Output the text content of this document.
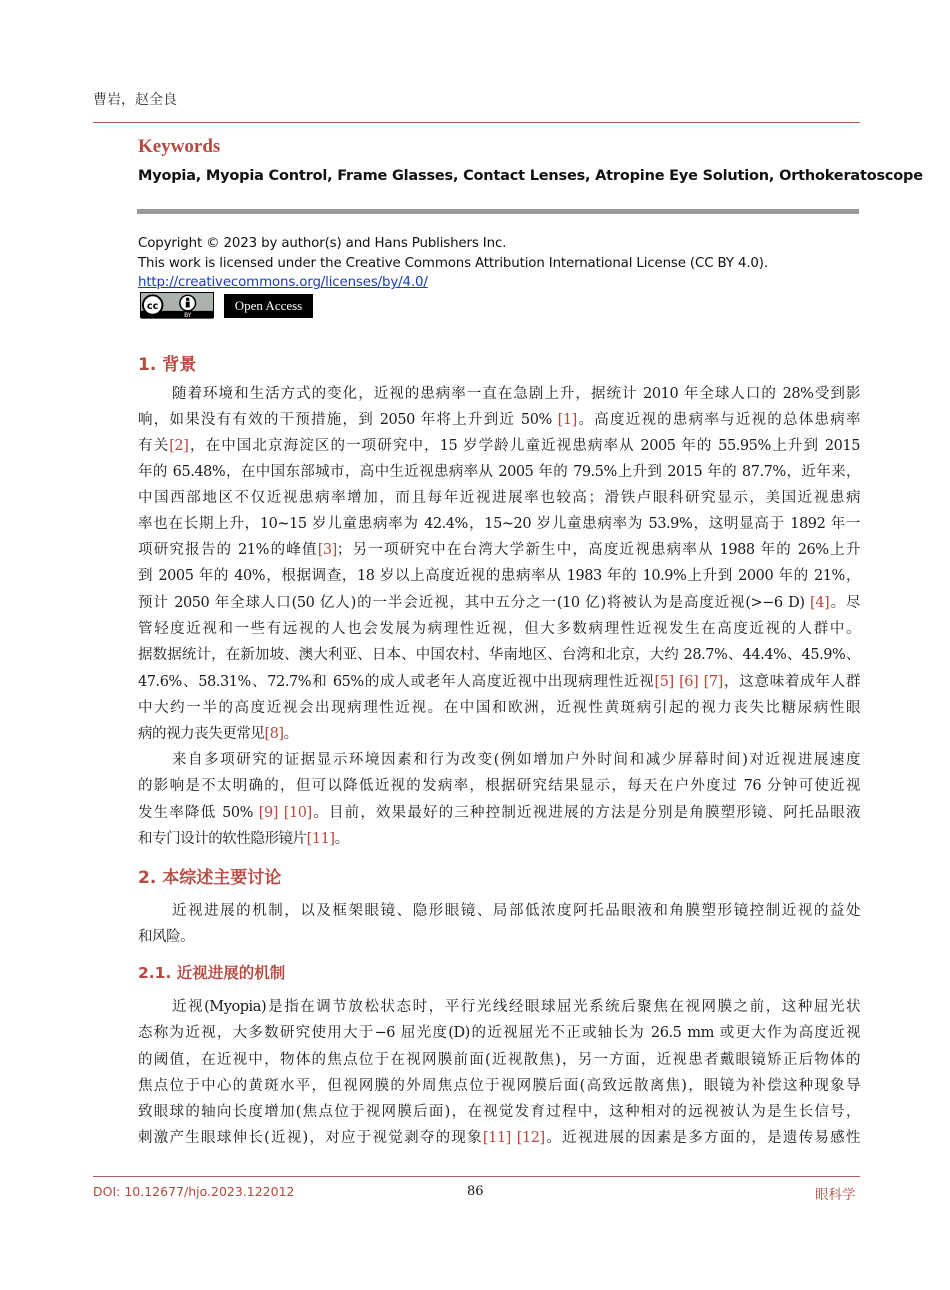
曹岩，赵全良
Keywords
Myopia, Myopia Control, Frame Glasses, Contact Lenses, Atropine Eye Solution, Orthokeratoscope
Copyright © 2023 by author(s) and Hans Publishers Inc.
This work is licensed under the Creative Commons Attribution International License (CC BY 4.0).
http://creativecommons.org/licenses/by/4.0/
cc
BY
Open Access
1. 背景
随着环境和生活方式的变化，近视的患病率一直在急剧上升，据统计 2010 年全球人口的 28%受到影
响，如果没有有效的干预措施，到 2050 年将上升到近 50% [1]。高度近视的患病率与近视的总体患病率
有关[2]，在中国北京海淀区的一项研究中，15 岁学龄儿童近视患病率从 2005 年的 55.95%上升到 2015
年的 65.48%，在中国东部城市，高中生近视患病率从 2005 年的 79.5%上升到 2015 年的 87.7%，近年来，
中国西部地区不仅近视患病率增加，而且每年近视进展率也较高；滑铁卢眼科研究显示，美国近视患病
率也在长期上升，10~15 岁儿童患病率为 42.4%，15~20 岁儿童患病率为 53.9%，这明显高于 1892 年一
项研究报告的 21%的峰值[3]；另一项研究中在台湾大学新生中，高度近视患病率从 1988 年的 26%上升
到 2005 年的 40%，根据调查，18 岁以上高度近视的患病率从 1983 年的 10.9%上升到 2000 年的 21%，
预计 2050 年全球人口(50 亿人)的一半会近视，其中五分之一(10 亿)将被认为是高度近视(>−6 D) [4]。尽
管轻度近视和一些有远视的人也会发展为病理性近视，但大多数病理性近视发生在高度近视的人群中。
据数据统计，在新加坡、澳大利亚、日本、中国农村、华南地区、台湾和北京，大约 28.7%、44.4%、45.9%、
47.6%、58.31%、72.7%和 65%的成人或老年人高度近视中出现病理性近视[5] [6] [7]，这意味着成年人群
中大约一半的高度近视会出现病理性近视。在中国和欧洲，近视性黄斑病引起的视力丧失比糖尿病性眼
病的视力丧失更常见[8]。
来自多项研究的证据显示环境因素和行为改变(例如增加户外时间和减少屏幕时间)对近视进展速度
的影响是不太明确的，但可以降低近视的发病率，根据研究结果显示，每天在户外度过 76 分钟可使近视
发生率降低 50% [9] [10]。目前，效果最好的三种控制近视进展的方法是分别是角膜塑形镜、阿托品眼液
和专门设计的软性隐形镜片[11]。
2. 本综述主要讨论
近视进展的机制，以及框架眼镜、隐形眼镜、局部低浓度阿托品眼液和角膜塑形镜控制近视的益处
和风险。
2.1. 近视进展的机制
近视(Myopia)是指在调节放松状态时，平行光线经眼球屈光系统后聚焦在视网膜之前，这种屈光状
态称为近视，大多数研究使用大于−6 屈光度(D)的近视屈光不正或轴长为 26.5 mm 或更大作为高度近视
的阈值，在近视中，物体的焦点位于在视网膜前面(近视散焦)，另一方面，近视患者戴眼镜矫正后物体的
焦点位于中心的黄斑水平，但视网膜的外周焦点位于视网膜后面(高致远散离焦)，眼镜为补偿这种现象导
致眼球的轴向长度增加(焦点位于视网膜后面)，在视觉发育过程中，这种相对的远视被认为是生长信号，
刺激产生眼球伸长(近视)，对应于视觉剥夺的现象[11] [12]。近视进展的因素是多方面的，是遗传易感性
DOI: 10.12677/hjo.2023.122012	86	眼科学
